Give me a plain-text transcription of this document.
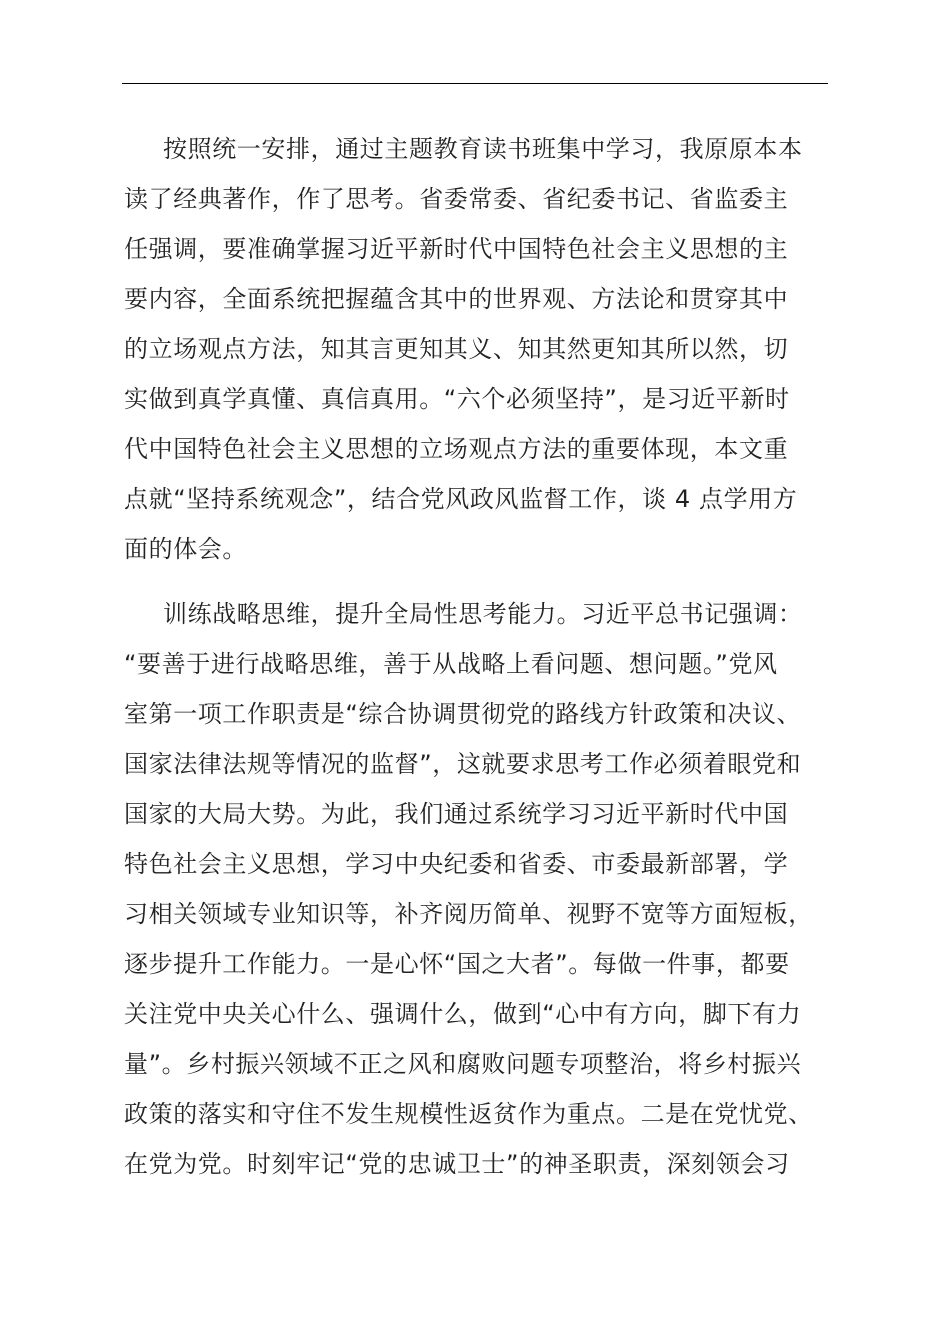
按照统一安排，通过主题教育读书班集中学习，我原原本本
读了经典著作，作了思考。省委常委、省纪委书记、省监委主
任强调，要准确掌握习近平新时代中国特色社会主义思想的主
要内容，全面系统把握蕴含其中的世界观、方法论和贯穿其中
的立场观点方法，知其言更知其义、知其然更知其所以然，切
实做到真学真懂、真信真用。“六个必须坚持”，是习近平新时
代中国特色社会主义思想的立场观点方法的重要体现，本文重
点就“坚持系统观念”，结合党风政风监督工作，谈 4 点学用方
面的体会。
训练战略思维，提升全局性思考能力。习近平总书记强调：
“要善于进行战略思维，善于从战略上看问题、想问题。”党风
室第一项工作职责是“综合协调贯彻党的路线方针政策和决议、
国家法律法规等情况的监督”，这就要求思考工作必须着眼党和
国家的大局大势。为此，我们通过系统学习习近平新时代中国
特色社会主义思想，学习中央纪委和省委、市委最新部署，学
习相关领域专业知识等，补齐阅历简单、视野不宽等方面短板，
逐步提升工作能力。一是心怀“国之大者”。每做一件事，都要
关注党中央关心什么、强调什么，做到“心中有方向，脚下有力
量”。乡村振兴领域不正之风和腐败问题专项整治，将乡村振兴
政策的落实和守住不发生规模性返贫作为重点。二是在党忧党、
在党为党。时刻牢记“党的忠诚卫士”的神圣职责，深刻领会习
